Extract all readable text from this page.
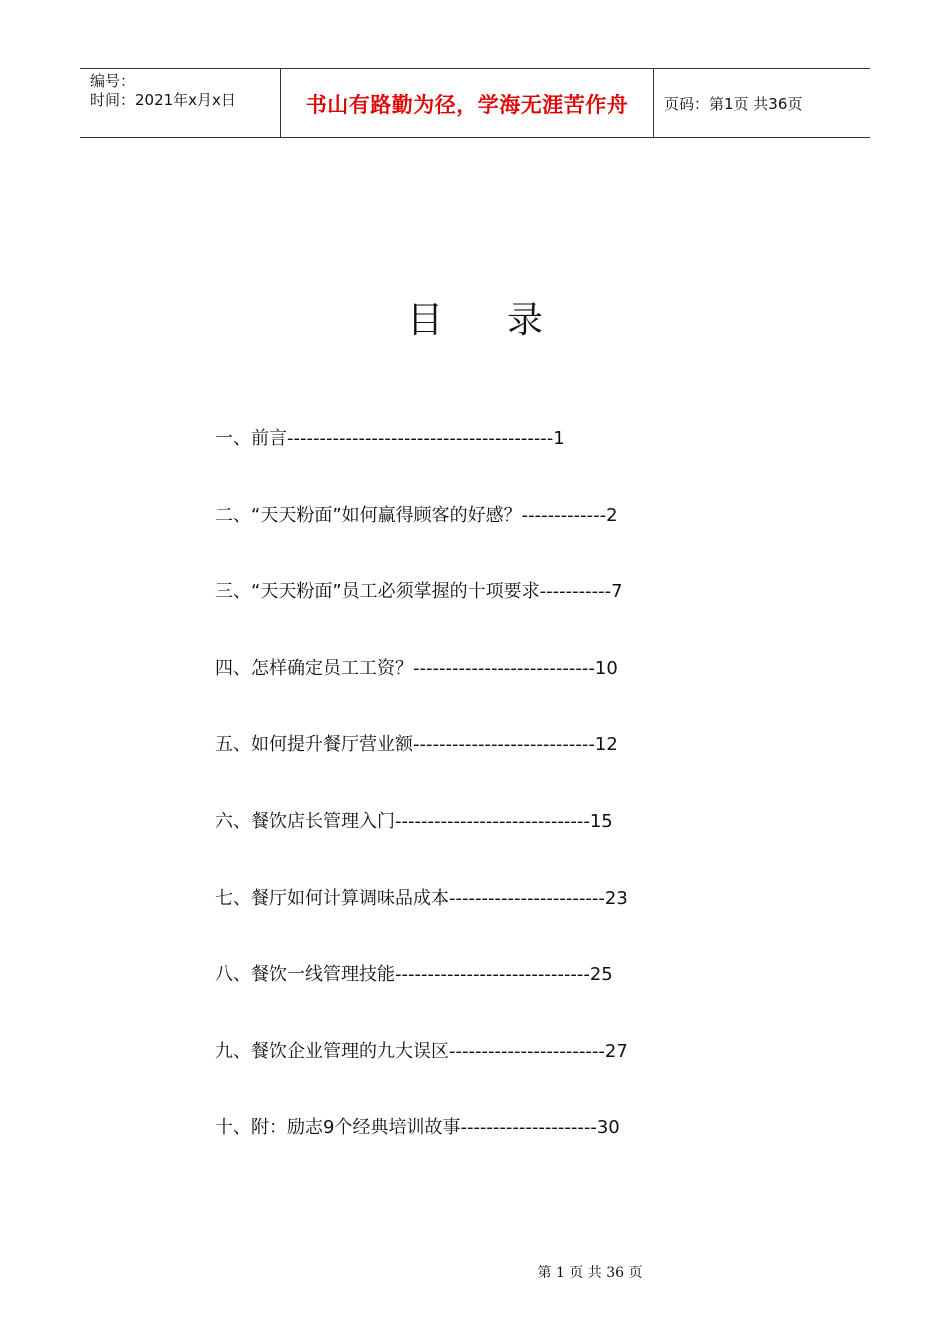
编号：
时间：2021年x月x日	书山有路勤为径，学海无涯苦作舟 页码：第1页 共36页
目录
一、前言-----------------------------------------1
二、“天天粉面”如何赢得顾客的好感？-------------2
三、“天天粉面”员工必须掌握的十项要求-----------7
四、怎样确定员工工资？----------------------------10
五、如何提升餐厅营业额----------------------------12
六、餐饮店长管理入门------------------------------15
七、餐厅如何计算调味品成本------------------------23
八、餐饮一线管理技能------------------------------25
九、餐饮企业管理的九大误区------------------------27
十、附：励志9个经典培训故事---------------------30
第 1 页 共 36 页
